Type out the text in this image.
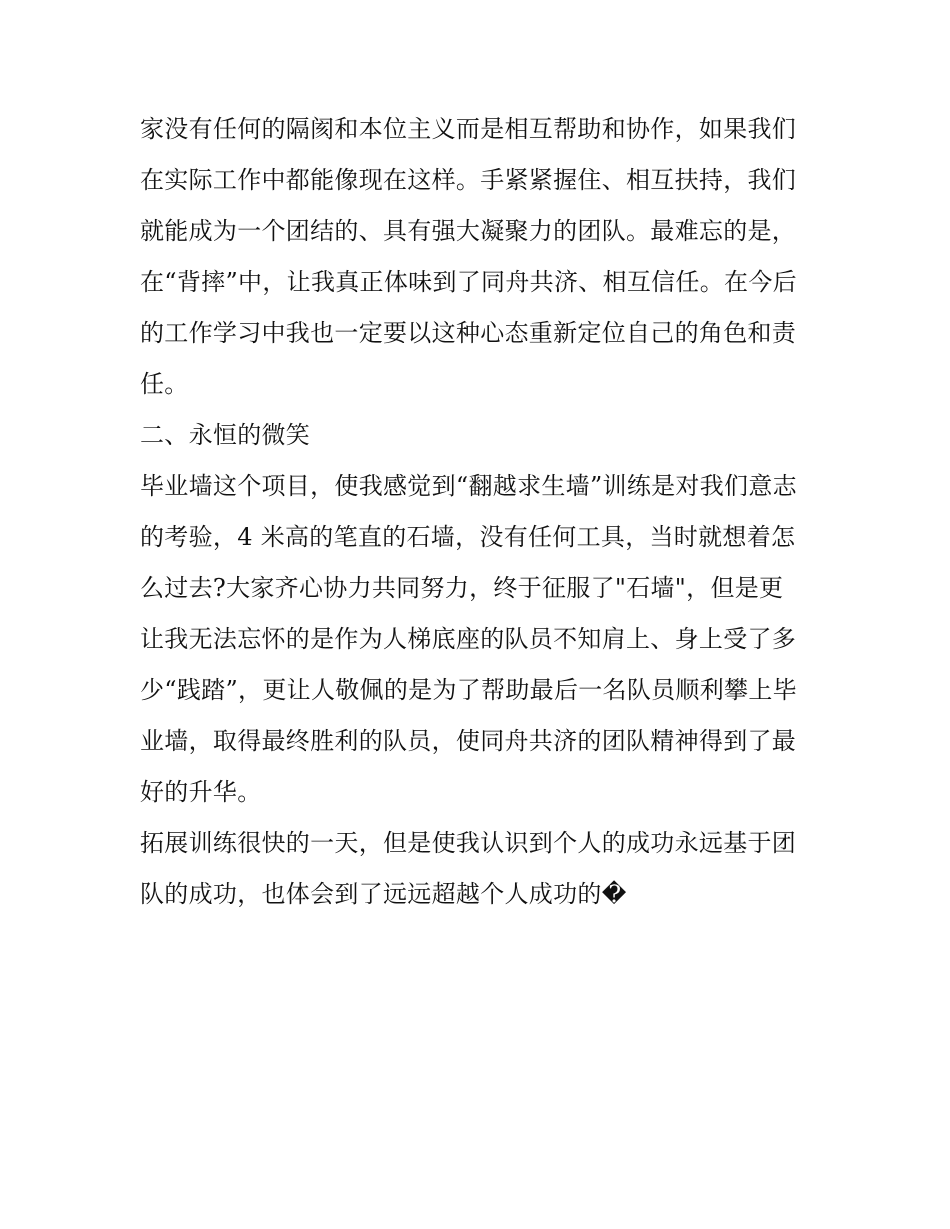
家没有任何的隔阂和本位主义而是相互帮助和协作，如果我们
在实际工作中都能像现在这样。手紧紧握住、相互扶持，我们
就能成为一个团结的、具有强大凝聚力的团队。最难忘的是，
在“背摔”中，让我真正体味到了同舟共济、相互信任。在今后
的工作学习中我也一定要以这种心态重新定位自己的角色和责
任。
二、永恒的微笑
毕业墙这个项目，使我感觉到“翻越求生墙”训练是对我们意志
的考验，4 米高的笔直的石墙，没有任何工具，当时就想着怎
么过去?大家齐心协力共同努力，终于征服了"石墙"，但是更
让我无法忘怀的是作为人梯底座的队员不知肩上、身上受了多
少“践踏”，更让人敬佩的是为了帮助最后一名队员顺利攀上毕
业墙，取得最终胜利的队员，使同舟共济的团队精神得到了最
好的升华。
拓展训练很快的一天，但是使我认识到个人的成功永远基于团
队的成功，也体会到了远远超越个人成功的�
